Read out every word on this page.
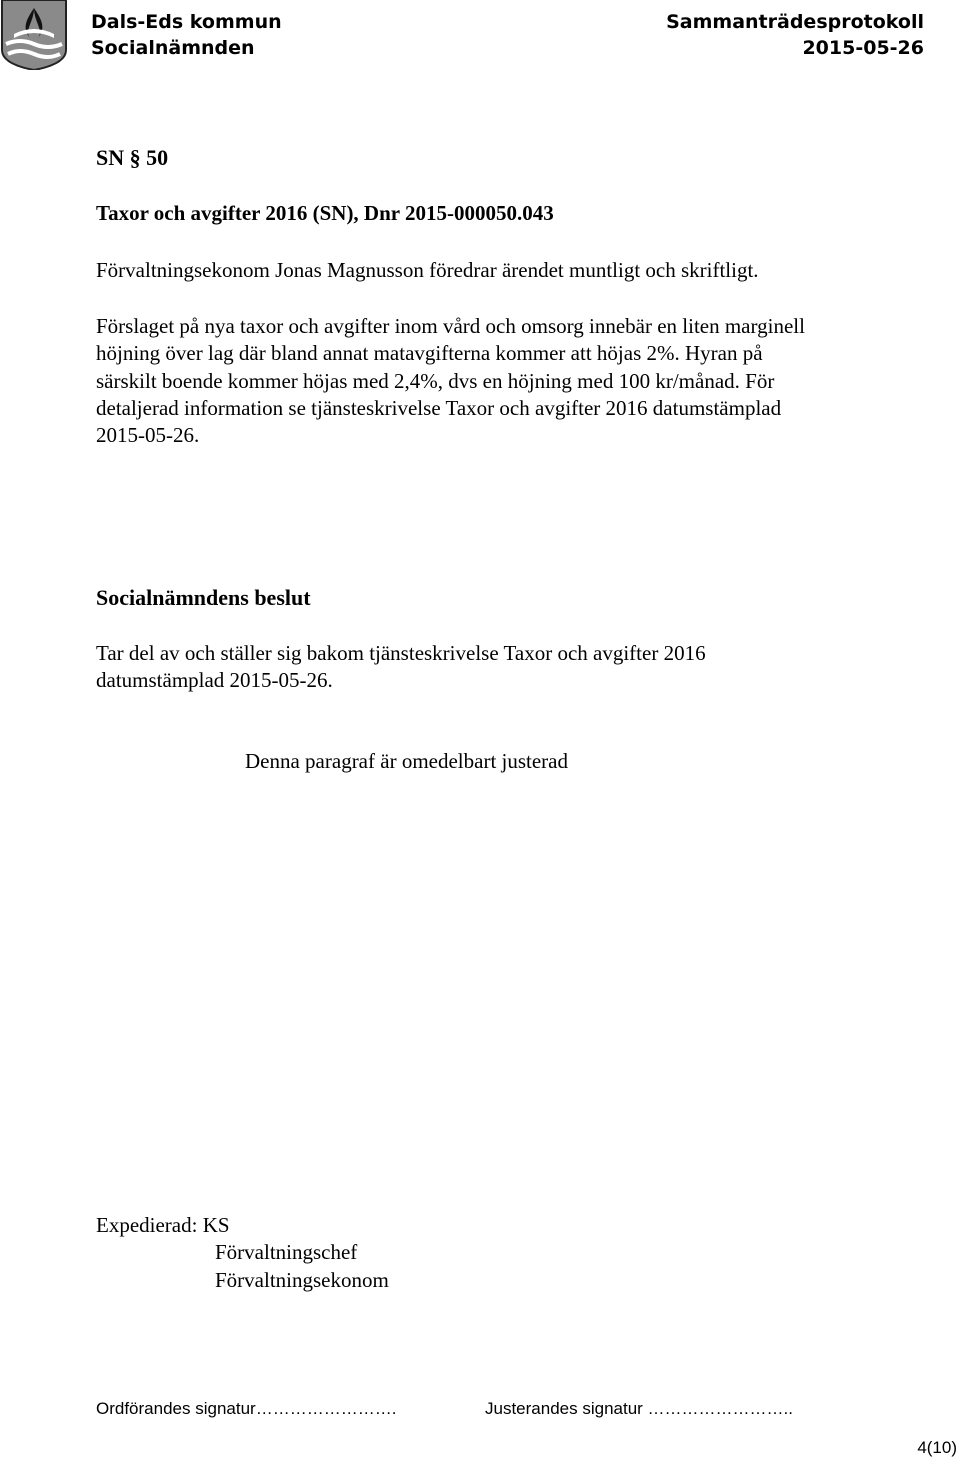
Dals-Eds kommun
Socialnämnden
Sammanträdesprotokoll
2015-05-26
SN § 50
Taxor och avgifter 2016 (SN), Dnr 2015-000050.043
Förvaltningsekonom Jonas Magnusson föredrar ärendet muntligt och skriftligt.
Förslaget på nya taxor och avgifter inom vård och omsorg innebär en liten marginell
höjning över lag där bland annat matavgifterna kommer att höjas 2%. Hyran på
särskilt boende kommer höjas med 2,4%, dvs en höjning med 100 kr/månad. För
detaljerad information se tjänsteskrivelse Taxor och avgifter 2016 datumstämplad
2015-05-26.
Socialnämndens beslut
Tar del av och ställer sig bakom tjänsteskrivelse Taxor och avgifter 2016
datumstämplad 2015-05-26.
Denna paragraf är omedelbart justerad
Expedierad: KS
Förvaltningschef
Förvaltningsekonom
Ordförandes signatur…………………….	Justerandes signatur ……………………..
4(10)
